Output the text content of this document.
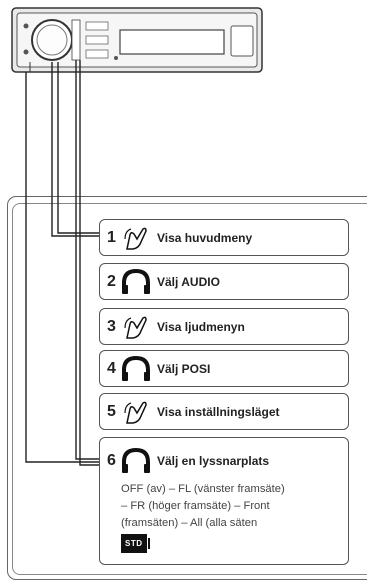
1	Visa huvudmeny
2	Välj AUDIO
3	Visa ljudmenyn
4	Välj POSI
5	Visa inställningsläget
6	Välj en lyssnarplats
OFF (av) – FL (vänster framsäte)
– FR (höger framsäte) – Front
(framsäten) – All (alla säten
STD
